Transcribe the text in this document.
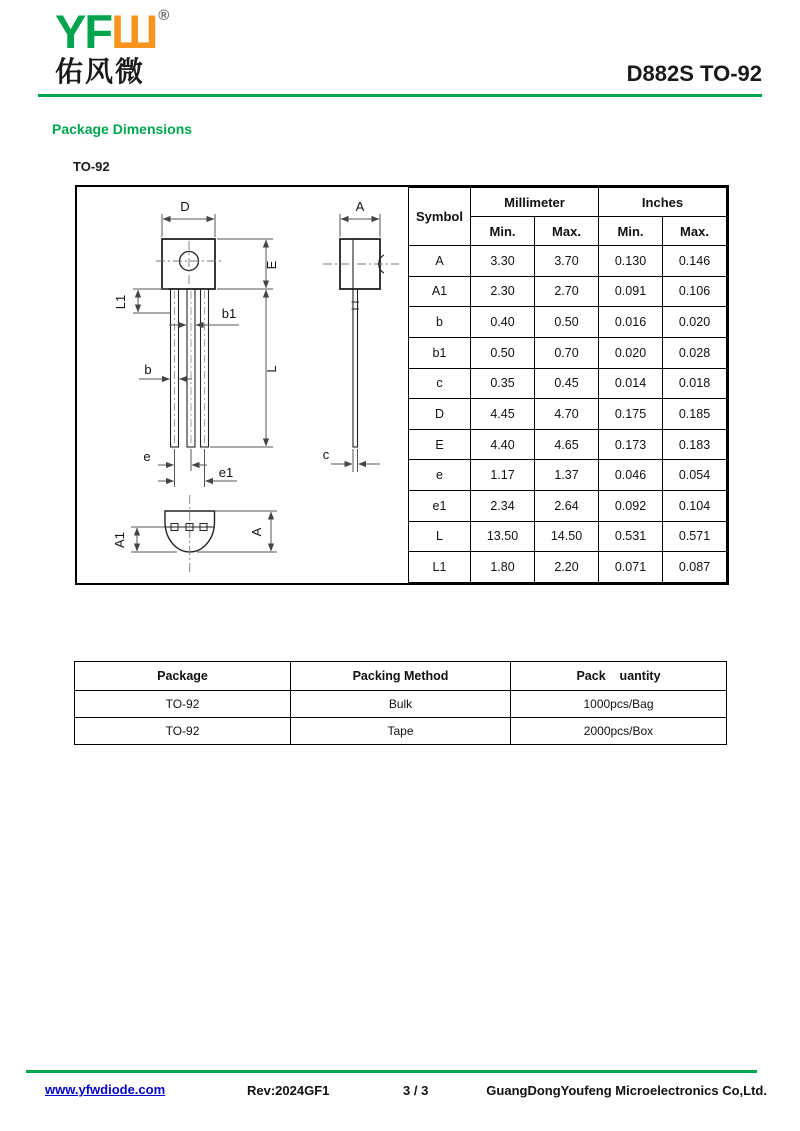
YFШ ®
佑风微	D882S TO-92
Package Dimensions
TO-92
D
E
L
L1
b1
b
e
e1
A
c
A1
A
Symbol	Millimeter		Inches	
	Min.	Max.	Min.	Max.
A	3.30	3.70	0.130	0.146
A1	2.30	2.70	0.091	0.106
b	0.40	0.50	0.016	0.020
b1	0.50	0.70	0.020	0.028
c	0.35	0.45	0.014	0.018
D	4.45	4.70	0.175	0.185
E	4.40	4.65	0.173	0.183
e	1.17	1.37	0.046	0.054
e1	2.34	2.64	0.092	0.104
L	13.50	14.50	0.531	0.571
L1	1.80	2.20	0.071	0.087
Package	Packing Method	Pack    uantity
TO-92	Bulk	1000pcs/Bag
TO-92	Tape	2000pcs/Box
www.yfwdiode.com	Rev:2024GF1	3 / 3	GuangDongYoufeng Microelectronics Co,Ltd.
